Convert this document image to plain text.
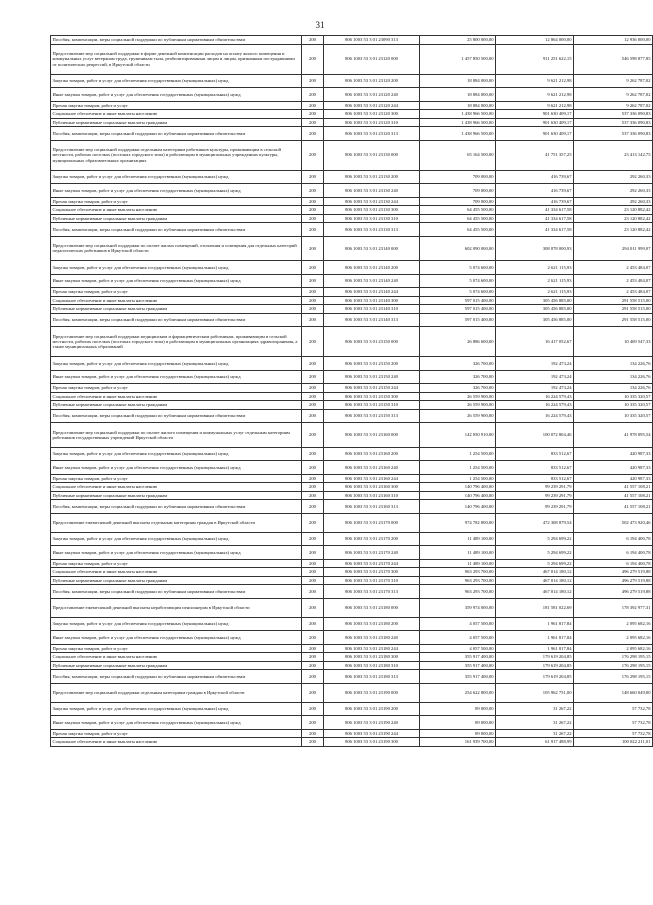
31
Пособия, компенсации, меры социальной поддержки по публичным нормативным обязательствам	200	806 1003 53 3 01 23090 313	25 800 000,00	12 864 000,00	12 936 000,00
Предоставление мер социальной поддержки в форме денежной компенсации расходов на оплату жилого помещения и коммунальных услуг ветеранам труда, труженикам тыла, реабилитированным лицам и лицам, признанным пострадавшими от политических репрессий, в Иркутской области	200	806 1003 53 3 01 23120 000	1 457 850 500,00	911 251 622,15	546 598 877,85
Закупка товаров, работ и услуг для обеспечения государственных (муниципальных) нужд	200	806 1003 53 3 01 23120 200	18 884 000,00	9 621 212,98	9 262 787,02
Иные закупки товаров, работ и услуг для обеспечения государственных (муниципальных) нужд	200	806 1003 53 3 01 23120 240	18 884 000,00	9 621 212,98	9 262 787,02
Прочая закупка товаров, работ и услуг	200	806 1003 53 3 01 23120 244	18 884 000,00	9 621 212,98	9 262 787,02
Социальное обеспечение и иные выплаты населению	200	806 1003 53 3 01 23120 300	1 438 966 500,00	901 630 409,17	537 336 090,83
Публичные нормативные социальные выплаты гражданам	200	806 1003 53 3 01 23120 310	1 438 966 500,00	901 630 409,17	537 336 090,83
Пособия, компенсации, меры социальной поддержки по публичным нормативным обязательствам	200	806 1003 53 3 01 23120 313	1 438 966 500,00	901 630 409,17	537 336 090,83
Предоставление мер социальной поддержки отдельным категориям работников культуры, проживающим в сельской местности, рабочих поселках (поселках городского типа) и работающим в муниципальных учреждениях культуры, муниципальных образовательных организациях	200	806 1003 53 3 01 23130 000	65 164 500,00	41 751 357,25	23 413 142,75
Закупка товаров, работ и услуг для обеспечения государственных (муниципальных) нужд	200	806 1003 53 3 01 23130 200	709 000,00	416 739,67	292 260,33
Иные закупки товаров, работ и услуг для обеспечения государственных (муниципальных) нужд	200	806 1003 53 3 01 23130 240	709 000,00	416 739,67	292 260,33
Прочая закупка товаров, работ и услуг	200	806 1003 53 3 01 23130 244	709 000,00	416 739,67	292 260,33
Социальное обеспечение и иные выплаты населению	200	806 1003 53 3 01 23130 300	64 455 500,00	41 334 617,58	23 120 882,42
Публичные нормативные социальные выплаты гражданам	200	806 1003 53 3 01 23130 310	64 455 500,00	41 334 617,58	23 120 882,42
Пособия, компенсации, меры социальной поддержки по публичным нормативным обязательствам	200	806 1003 53 3 01 23130 313	64 455 500,00	41 334 617,58	23 120 882,42
Предоставление мер социальной поддержки по оплате жилых помещений, отопления и освещения для отдельных категорий педагогических работников в Иркутской области	200	806 1003 53 3 01 23140 000	602 090 000,00	308 078 000,93	294 011 999,07
Закупка товаров, работ и услуг для обеспечения государственных (муниципальных) нужд	200	806 1003 53 3 01 23140 200	5 074 600,00	2 621 115,93	2 453 484,07
Иные закупки товаров, работ и услуг для обеспечения государственных (муниципальных) нужд	200	806 1003 53 3 01 23140 240	5 074 600,00	2 621 115,93	2 453 484,07
Прочая закупка товаров, работ и услуг	200	806 1003 53 3 01 23140 244	5 074 600,00	2 621 115,93	2 453 484,07
Социальное обеспечение и иные выплаты населению	200	806 1003 53 3 01 23140 300	597 015 400,00	305 456 885,00	291 558 515,00
Публичные нормативные социальные выплаты гражданам	200	806 1003 53 3 01 23140 310	597 015 400,00	305 456 885,00	291 558 515,00
Пособия, компенсации, меры социальной поддержки по публичным нормативным обязательствам	200	806 1003 53 3 01 23140 313	597 015 400,00	305 456 885,00	291 558 515,00
Предоставление мер социальной поддержки медицинским и фармацевтическим работникам, проживающим в сельской местности, рабочих поселках (поселках городского типа) и работающим в муниципальных организациях здравоохранения, а также муниципальных образований	200	806 1003 53 3 01 23150 000	26 886 600,00	16 417 052,67	10 469 547,33
Закупка товаров, работ и услуг для обеспечения государственных (муниципальных) нужд	200	806 1003 53 3 01 23150 200	326 700,00	192 473,24	134 226,76
Иные закупки товаров, работ и услуг для обеспечения государственных (муниципальных) нужд	200	806 1003 53 3 01 23150 240	326 700,00	192 473,24	134 226,76
Прочая закупка товаров, работ и услуг	200	806 1003 53 3 01 23150 244	326 700,00	192 473,24	134 226,76
Социальное обеспечение и иные выплаты населению	200	806 1003 53 3 01 23150 300	26 559 900,00	16 224 579,43	10 335 320,57
Публичные нормативные социальные выплаты гражданам	200	806 1003 53 3 01 23150 310	26 559 900,00	16 224 579,43	10 335 320,57
Пособия, компенсации, меры социальной поддержки по публичным нормативным обязательствам	200	806 1003 53 3 01 23150 313	26 559 900,00	16 224 579,43	10 335 320,57
Предоставление мер социальной поддержки по оплате жилого помещения и коммунальных услуг отдельным категориям работников государственных учреждений Иркутской области	200	806 1003 53 3 01 23160 000	142 050 910,00	100 072 804,46	41 978 095,54
Закупка товаров, работ и услуг для обеспечения государственных (муниципальных) нужд	200	806 1003 53 3 01 23160 200	1 254 500,00	833 512,67	420 987,33
Иные закупки товаров, работ и услуг для обеспечения государственных (муниципальных) нужд	200	806 1003 53 3 01 23160 240	1 254 500,00	833 512,67	420 987,33
Прочая закупка товаров, работ и услуг	200	806 1003 53 3 01 23160 244	1 254 500,00	833 512,67	420 987,33
Социальное обеспечение и иные выплаты населению	200	806 1003 53 3 01 23160 300	140 796 400,00	99 239 291,79	41 557 108,21
Публичные нормативные социальные выплаты гражданам	200	806 1003 53 3 01 23160 310	140 796 400,00	99 239 291,79	41 557 108,21
Пособия, компенсации, меры социальной поддержки по публичным нормативным обязательствам	200	806 1003 53 3 01 23160 313	140 796 400,00	99 239 291,79	41 557 108,21
Предоставление ежемесячной денежной выплаты отдельным категориям граждан в Иркутской области	200	806 1003 53 3 01 23170 000	974 782 800,00	472 308 879,54	502 473 920,46
Закупка товаров, работ и услуг для обеспечения государственных (муниципальных) нужд	200	806 1003 53 3 01 23170 200	11 489 100,00	5 294 699,22	6 194 400,78
Иные закупки товаров, работ и услуг для обеспечения государственных (муниципальных) нужд	200	806 1003 53 3 01 23170 240	11 489 100,00	5 294 699,22	6 194 400,78
Прочая закупка товаров, работ и услуг	200	806 1003 53 3 01 23170 244	11 489 100,00	5 294 699,22	6 194 400,78
Социальное обеспечение и иные выплаты населению	200	806 1003 53 3 01 23170 300	963 293 700,00	467 014 180,12	496 279 519,88
Публичные нормативные социальные выплаты гражданам	200	806 1003 53 3 01 23170 310	963 293 700,00	467 014 180,12	496 279 519,88
Пособия, компенсации, меры социальной поддержки по публичным нормативным обязательствам	200	806 1003 53 3 01 23170 313	963 293 700,00	467 014 180,12	496 279 519,88
Предоставление ежемесячной денежной выплаты неработающим пенсионерам в Иркутской области	200	806 1003 53 3 01 23180 000	359 974 000,00	181 581 022,69	178 392 977,31
Закупка товаров, работ и услуг для обеспечения государственных (муниципальных) нужд	200	806 1003 53 3 01 23180 200	4 057 500,00	1 961 817,84	2 095 682,16
Иные закупки товаров, работ и услуг для обеспечения государственных (муниципальных) нужд	200	806 1003 53 3 01 23180 240	4 057 500,00	1 961 817,84	2 095 682,16
Прочая закупка товаров, работ и услуг	200	806 1003 53 3 01 23180 244	4 057 500,00	1 961 817,84	2 095 682,16
Социальное обеспечение и иные выплаты населению	200	806 1003 53 3 01 23180 300	355 917 400,00	179 619 204,85	176 298 195,15
Публичные нормативные социальные выплаты гражданам	200	806 1003 53 3 01 23180 310	355 917 400,00	179 619 204,85	176 298 195,15
Пособия, компенсации, меры социальной поддержки по публичным нормативным обязательствам	200	806 1003 53 3 01 23180 313	355 917 400,00	179 619 204,85	176 298 195,15
Предоставление мер социальной поддержки отдельным категориям граждан в Иркутской области	200	806 1003 53 3 01 23190 000	254 622 800,00	105 962 751,00	148 660 049,00
Закупка товаров, работ и услуг для обеспечения государственных (муниципальных) нужд	200	806 1003 53 3 01 23190 200	89 000,00	31 267,22	57 732,78
Иные закупки товаров, работ и услуг для обеспечения государственных (муниципальных) нужд	200	806 1003 53 3 01 23190 240	89 000,00	31 267,22	57 732,78
Прочая закупка товаров, работ и услуг	200	806 1003 53 3 01 23190 244	89 000,00	31 267,22	57 732,78
Социальное обеспечение и иные выплаты населению	200	806 1003 53 3 01 23190 300	161 939 700,00	61 917 488,99	100 022 211,01
